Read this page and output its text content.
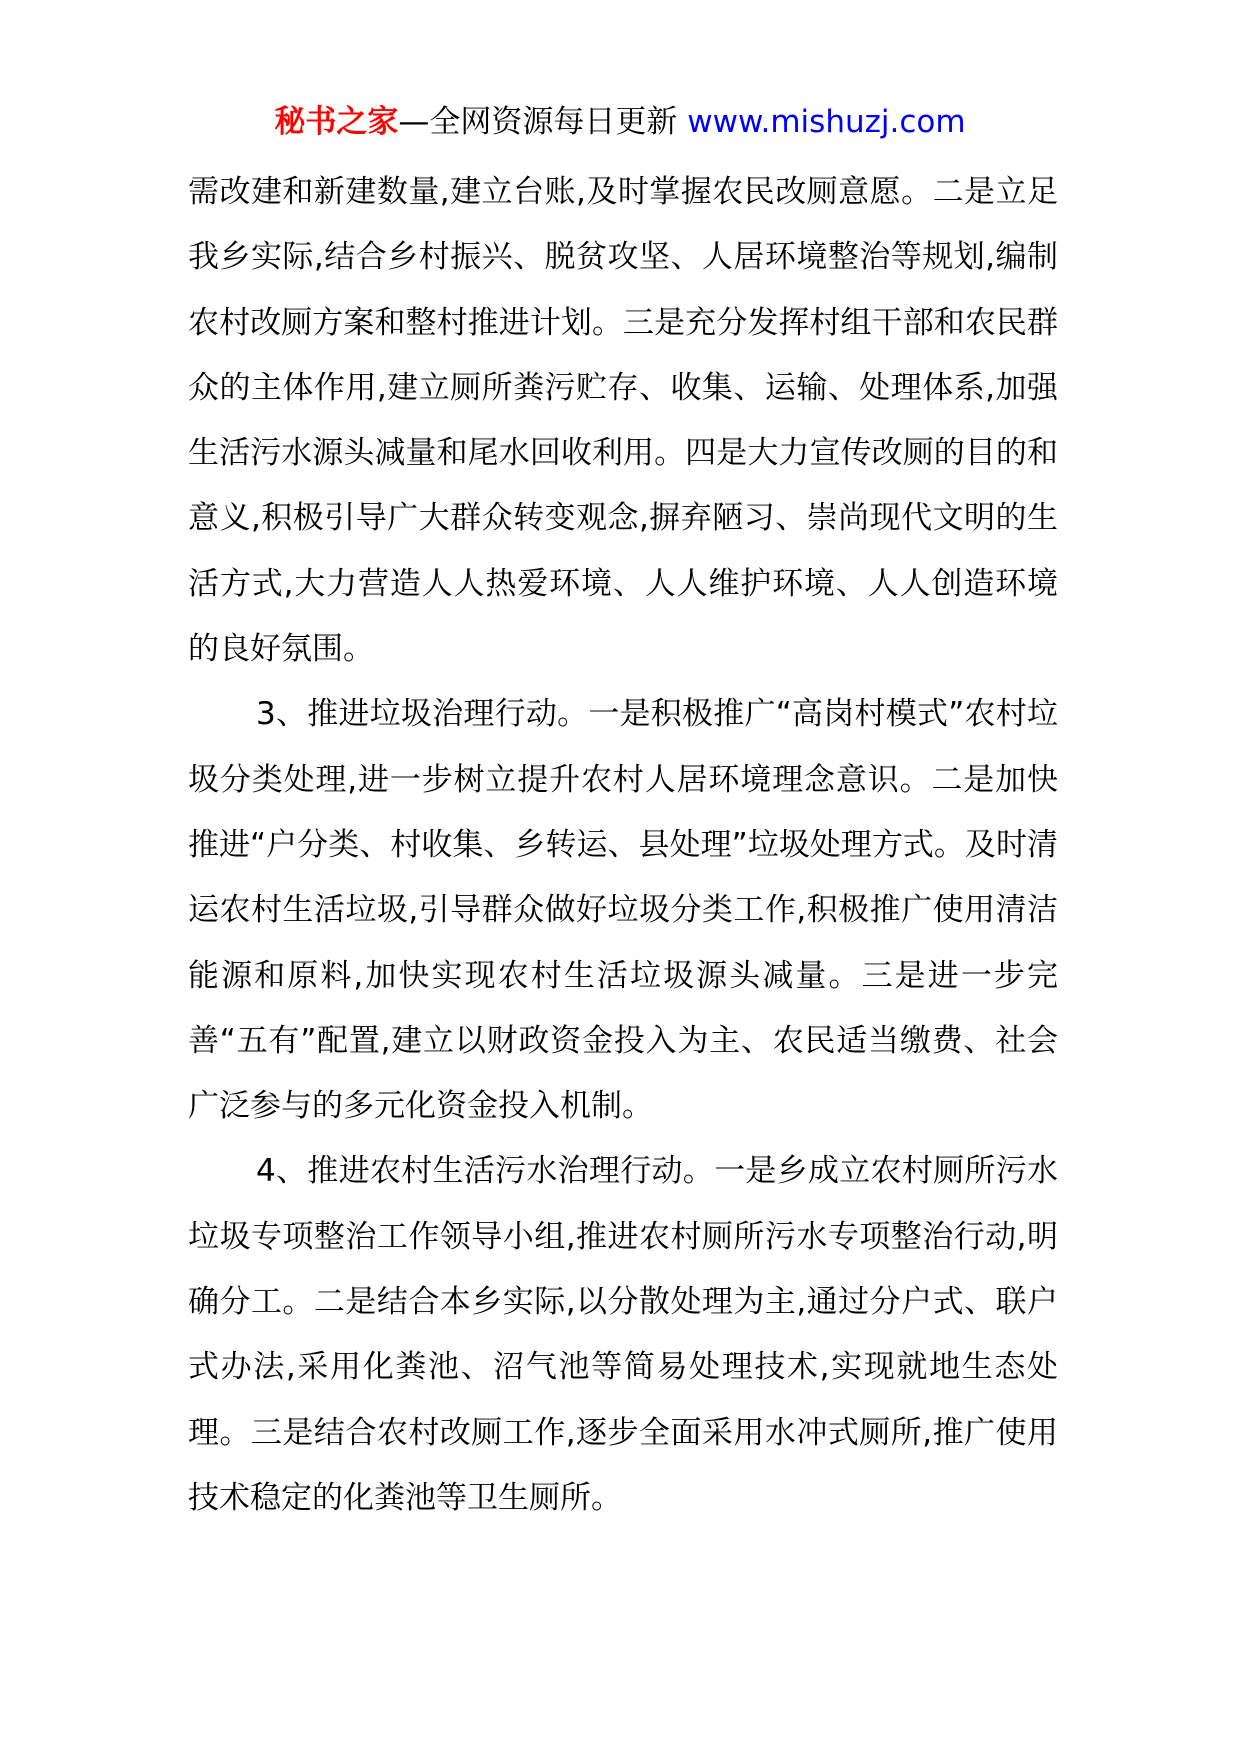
秘书之家—全网资源每日更新 www.mishuzj.com

需改建和新建数量,建立台账,及时掌握农民改厕意愿。二是立足我乡实际,结合乡村振兴、脱贫攻坚、人居环境整治等规划,编制农村改厕方案和整村推进计划。三是充分发挥村组干部和农民群众的主体作用,建立厕所粪污贮存、收集、运输、处理体系,加强生活污水源头减量和尾水回收利用。四是大力宣传改厕的目的和意义,积极引导广大群众转变观念,摒弃陋习、崇尚现代文明的生活方式,大力营造人人热爱环境、人人维护环境、人人创造环境的良好氛围。

3、推进垃圾治理行动。一是积极推广“高岗村模式”农村垃圾分类处理,进一步树立提升农村人居环境理念意识。二是加快推进“户分类、村收集、乡转运、县处理”垃圾处理方式。及时清运农村生活垃圾,引导群众做好垃圾分类工作,积极推广使用清洁能源和原料,加快实现农村生活垃圾源头减量。三是进一步完善“五有”配置,建立以财政资金投入为主、农民适当缴费、社会广泛参与的多元化资金投入机制。

4、推进农村生活污水治理行动。一是乡成立农村厕所污水垃圾专项整治工作领导小组,推进农村厕所污水专项整治行动,明确分工。二是结合本乡实际,以分散处理为主,通过分户式、联户式办法,采用化粪池、沼气池等简易处理技术,实现就地生态处理。三是结合农村改厕工作,逐步全面采用水冲式厕所,推广使用技术稳定的化粪池等卫生厕所。
